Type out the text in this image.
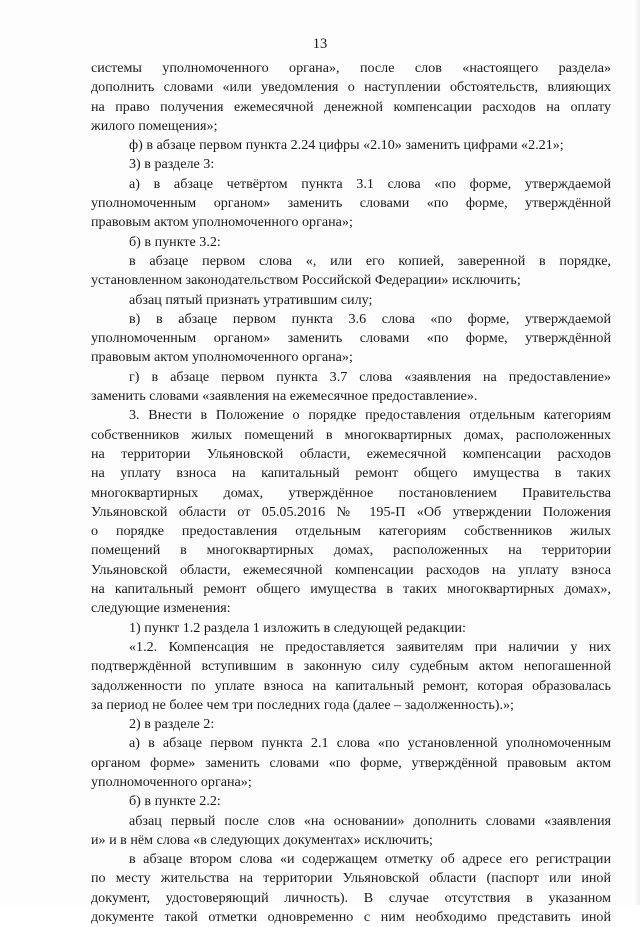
13
системы уполномоченного органа», после слов «настоящего раздела»
дополнить словами «или уведомления о наступлении обстоятельств, влияющих
на право получения ежемесячной денежной компенсации расходов на оплату
жилого помещения»;
ф) в абзаце первом пункта 2.24 цифры «2.10» заменить цифрами «2.21»;
3) в разделе 3:
а) в абзаце четвёртом пункта 3.1 слова «по форме, утверждаемой
уполномоченным органом» заменить словами «по форме, утверждённой
правовым актом уполномоченного органа»;
б) в пункте 3.2:
в абзаце первом слова «, или его копией, заверенной в порядке,
установленном законодательством Российской Федерации» исключить;
абзац пятый признать утратившим силу;
в) в абзаце первом пункта 3.6 слова «по форме, утверждаемой
уполномоченным органом» заменить словами «по форме, утверждённой
правовым актом уполномоченного органа»;
г) в абзаце первом пункта 3.7 слова «заявления на предоставление»
заменить словами «заявления на ежемесячное предоставление».
3. Внести в Положение о порядке предоставления отдельным категориям
собственников жилых помещений в многоквартирных домах, расположенных
на территории Ульяновской области, ежемесячной компенсации расходов
на уплату взноса на капитальный ремонт общего имущества в таких
многоквартирных домах, утверждённое постановлением Правительства
Ульяновской области от 05.05.2016 № 195-П «Об утверждении Положения
о порядке предоставления отдельным категориям собственников жилых
помещений в многоквартирных домах, расположенных на территории
Ульяновской области, ежемесячной компенсации расходов на уплату взноса
на капитальный ремонт общего имущества в таких многоквартирных домах»,
следующие изменения:
1) пункт 1.2 раздела 1 изложить в следующей редакции:
«1.2. Компенсация не предоставляется заявителям при наличии у них
подтверждённой вступившим в законную силу судебным актом непогашенной
задолженности по уплате взноса на капитальный ремонт, которая образовалась
за период не более чем три последних года (далее – задолженность).»;
2) в разделе 2:
а) в абзаце первом пункта 2.1 слова «по установленной уполномоченным
органом форме» заменить словами «по форме, утверждённой правовым актом
уполномоченного органа»;
б) в пункте 2.2:
абзац первый после слов «на основании» дополнить словами «заявления
и» и в нём слова «в следующих документах» исключить;
в абзаце втором слова «и содержащем отметку об адресе его регистрации
по месту жительства на территории Ульяновской области (паспорт или иной
документ, удостоверяющий личность). В случае отсутствия в указанном
документе такой отметки одновременно с ним необходимо представить иной
